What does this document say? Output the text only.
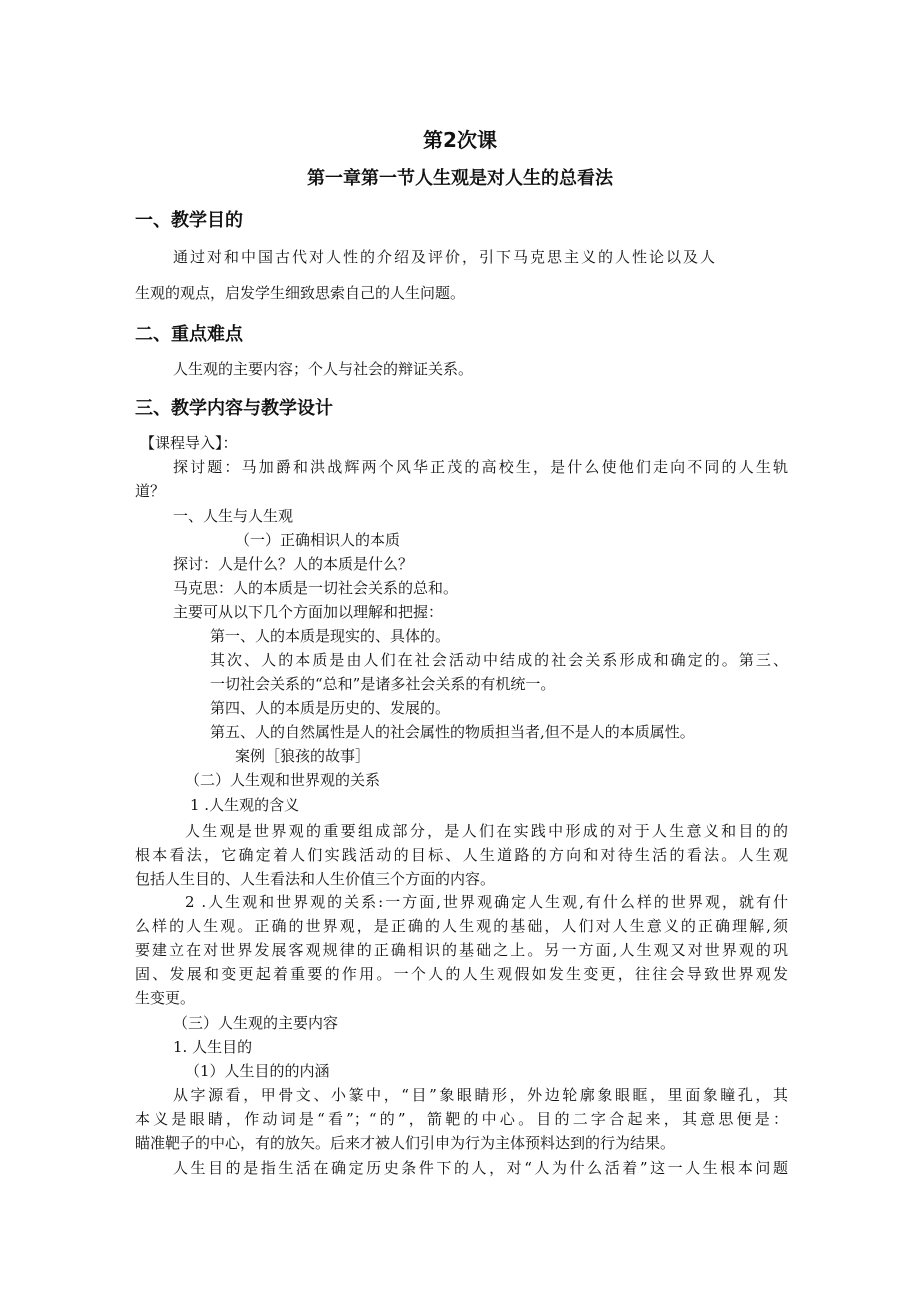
第2次课
第一章第一节人生观是对人生的总看法
一、教学目的
通过对和中国古代对人性的介绍及评价，引下马克思主义的人性论以及人
生观的观点，启发学生细致思索自己的人生问题。
二、重点难点
人生观的主要内容；个人与社会的辩证关系。
三、教学内容与教学设计
【课程导入】：
探讨题：马加爵和洪战辉两个风华正茂的高校生，是什么使他们走向不同的人生轨
道？
一、人生与人生观
（一）正确相识人的本质
探讨：人是什么？人的本质是什么？
马克思：人的本质是一切社会关系的总和。
主要可从以下几个方面加以理解和把握：
第一、人的本质是现实的、具体的。
其次、人的本质是由人们在社会活动中结成的社会关系形成和确定的。第三、
一切社会关系的“总和”是诸多社会关系的有机统一。
第四、人的本质是历史的、发展的。
第五、人的自然属性是人的社会属性的物质担当者,但不是人的本质属性。
案例［狼孩的故事］
（二）人生观和世界观的关系
1 .人生观的含义
人生观是世界观的重要组成部分，是人们在实践中形成的对于人生意义和目的的
根本看法，它确定着人们实践活动的目标、人生道路的方向和对待生活的看法。人生观
包括人生目的、人生看法和人生价值三个方面的内容。
2 .人生观和世界观的关系:一方面,世界观确定人生观,有什么样的世界观，就有什
么样的人生观。正确的世界观，是正确的人生观的基础，人们对人生意义的正确理解,须
要建立在对世界发展客观规律的正确相识的基础之上。另一方面,人生观又对世界观的巩
固、发展和变更起着重要的作用。一个人的人生观假如发生变更，往往会导致世界观发
生变更。
（三）人生观的主要内容
1. 人生目的
（1）人生目的的内涵
从字源看，甲骨文、小篆中，“目”象眼睛形，外边轮廓象眼眶，里面象瞳孔，其
本义是眼睛，作动词是“看”；“的”，箭靶的中心。目的二字合起来，其意思便是：
瞄准靶子的中心，有的放矢。后来才被人们引申为行为主体预料达到的行为结果。
人生目的是指生活在确定历史条件下的人，对“人为什么活着”这一人生根本问题
